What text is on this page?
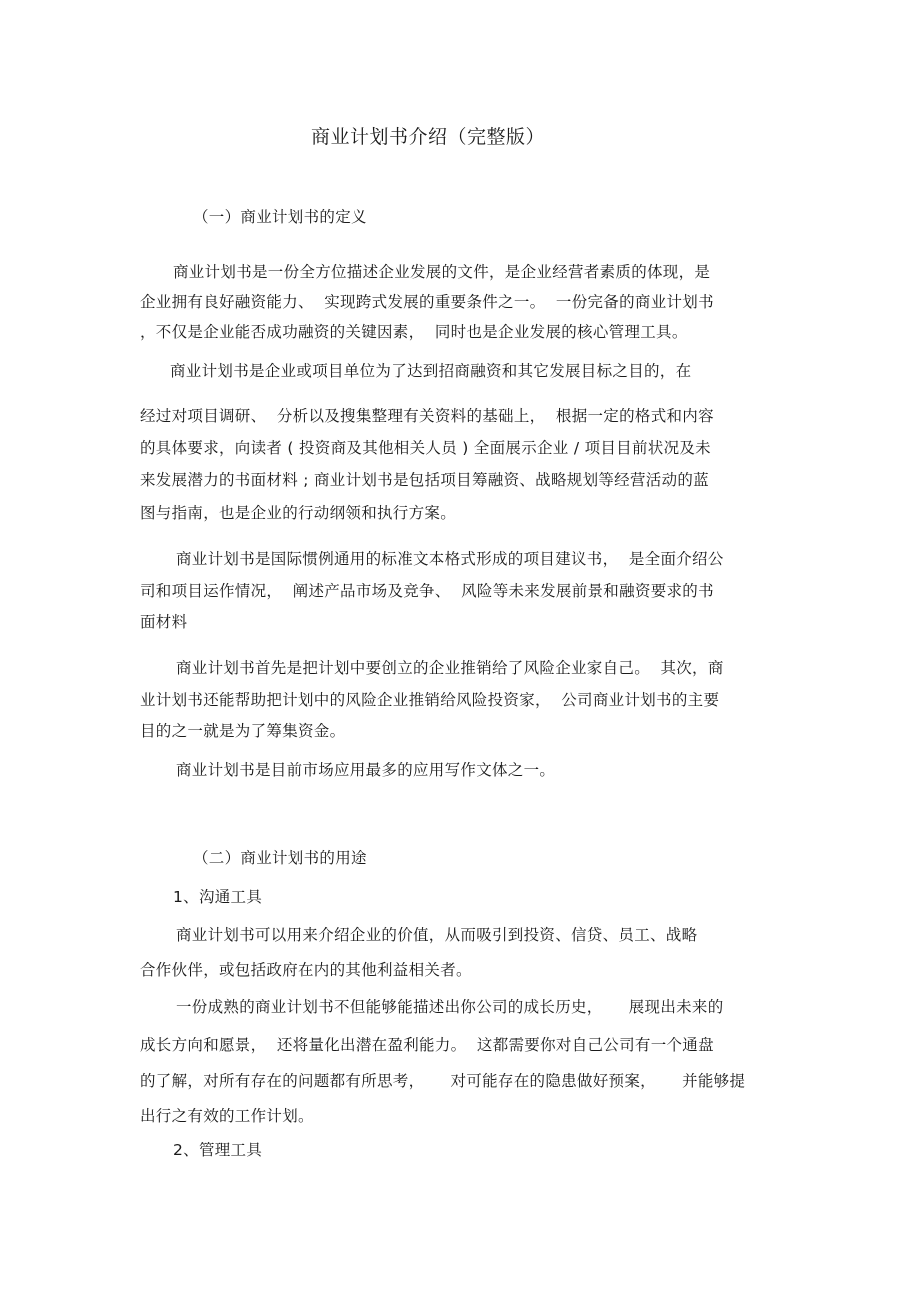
商业计划书介绍（完整版）
（一）商业计划书的定义
商业计划书是一份全方位描述企业发展的文件，是企业经营者素质的体现，是
企业拥有良好融资能力、  实现跨式发展的重要条件之一。  一份完备的商业计划书
，不仅是企业能否成功融资的关键因素，  同时也是企业发展的核心管理工具。
商业计划书是企业或项目单位为了达到招商融资和其它发展目标之目的，在
经过对项目调研、  分析以及搜集整理有关资料的基础上，  根据一定的格式和内容
的具体要求，向读者 ( 投资商及其他相关人员 ) 全面展示企业 / 项目目前状况及未
来发展潜力的书面材料 ; 商业计划书是包括项目筹融资、战略规划等经营活动的蓝
图与指南，也是企业的行动纲领和执行方案。
商业计划书是国际惯例通用的标准文本格式形成的项目建议书，  是全面介绍公
司和项目运作情况，  阐述产品市场及竞争、  风险等未来发展前景和融资要求的书
面材料
商业计划书首先是把计划中要创立的企业推销给了风险企业家自己。  其次，商
业计划书还能帮助把计划中的风险企业推销给风险投资家，  公司商业计划书的主要
目的之一就是为了筹集资金。
商业计划书是目前市场应用最多的应用写作文体之一。
（二）商业计划书的用途
1、沟通工具
商业计划书可以用来介绍企业的价值，从而吸引到投资、信贷、员工、战略
合作伙伴，或包括政府在内的其他利益相关者。
一份成熟的商业计划书不但能够能描述出你公司的成长历史，     展现出未来的
成长方向和愿景，  还将量化出潜在盈利能力。  这都需要你对自己公司有一个通盘
的了解，对所有存在的问题都有所思考，     对可能存在的隐患做好预案，     并能够提
出行之有效的工作计划。
2、管理工具
